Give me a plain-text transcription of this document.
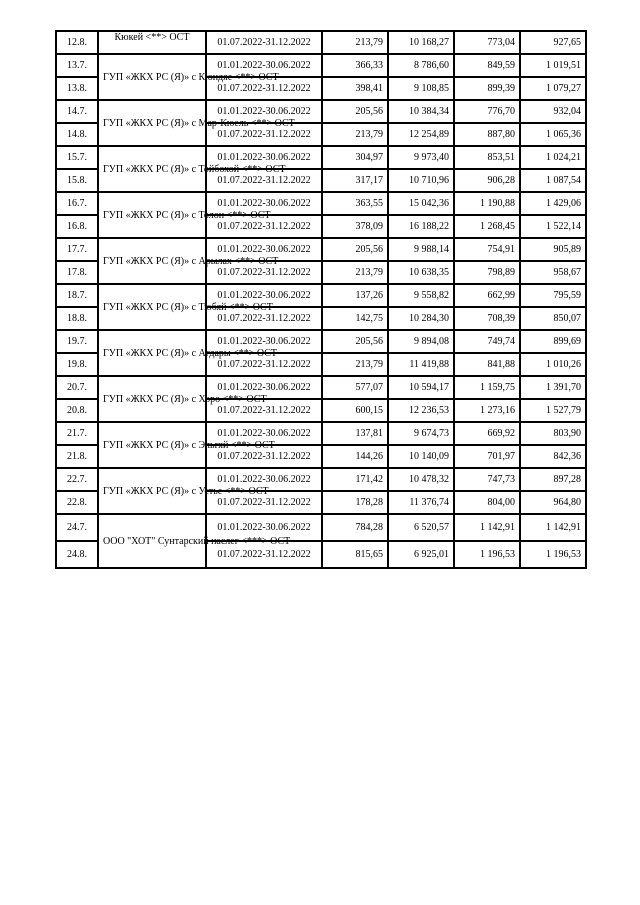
12.8.	Кюкей <**> ОСТ	01.07.2022-31.12.2022	213,79	10 168,27	773,04	927,65
13.7.	ГУП «ЖКХ РС (Я)» с Кюндяе <**> ОСТ	01.01.2022-30.06.2022	366,33	8 786,60	849,59	1 019,51
13.8.		01.07.2022-31.12.2022	398,41	9 108,85	899,39	1 079,27
14.7.	ГУП «ЖКХ РС (Я)» с Мар-Кюель <**> ОСТ	01.01.2022-30.06.2022	205,56	10 384,34	776,70	932,04
14.8.		01.07.2022-31.12.2022	213,79	12 254,89	887,80	1 065,36
15.7.	ГУП «ЖКХ РС (Я)» с Тойбохой <**> ОСТ	01.01.2022-30.06.2022	304,97	9 973,40	853,51	1 024,21
15.8.		01.07.2022-31.12.2022	317,17	10 710,96	906,28	1 087,54
16.7.	ГУП «ЖКХ РС (Я)» с Толон <**> ОСТ	01.01.2022-30.06.2022	363,55	15 042,36	1 190,88	1 429,06
16.8.		01.07.2022-31.12.2022	378,09	16 188,22	1 268,45	1 522,14
17.7.	ГУП «ЖКХ РС (Я)» с Арылах <**> ОСТ	01.01.2022-30.06.2022	205,56	9 988,14	754,91	905,89
17.8.		01.07.2022-31.12.2022	213,79	10 638,35	798,89	958,67
18.7.	ГУП «ЖКХ РС (Я)» с Тюбяй <**> ОСТ	01.01.2022-30.06.2022	137,26	9 558,82	662,99	795,59
18.8.		01.07.2022-31.12.2022	142,75	10 284,30	708,39	850,07
19.7.	ГУП «ЖКХ РС (Я)» с Агдары <**> ОСТ	01.01.2022-30.06.2022	205,56	9 894,08	749,74	899,69
19.8.		01.07.2022-31.12.2022	213,79	11 419,88	841,88	1 010,26
20.7.	ГУП «ЖКХ РС (Я)» с Хоро <**> ОСТ	01.01.2022-30.06.2022	577,07	10 594,17	1 159,75	1 391,70
20.8.		01.07.2022-31.12.2022	600,15	12 236,53	1 273,16	1 527,79
21.7.	ГУП «ЖКХ РС (Я)» с Эльгяй <**> ОСТ	01.01.2022-30.06.2022	137,81	9 674,73	669,92	803,90
21.8.		01.07.2022-31.12.2022	144,26	10 140,09	701,97	842,36
22.7.	ГУП «ЖКХ РС (Я)» с Устье <**> ОСТ	01.01.2022-30.06.2022	171,42	10 478,32	747,73	897,28
22.8.		01.07.2022-31.12.2022	178,28	11 376,74	804,00	964,80
24.7.	ООО "ХОТ" Сунтарский наслег <***> ОСТ	01.01.2022-30.06.2022	784,28	6 520,57	1 142,91	1 142,91
24.8.		01.07.2022-31.12.2022	815,65	6 925,01	1 196,53	1 196,53
